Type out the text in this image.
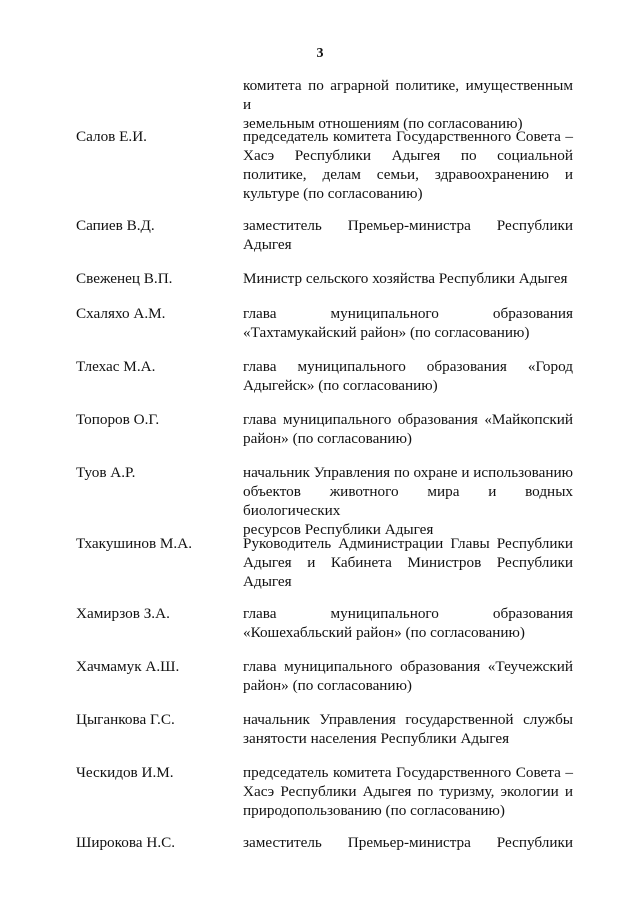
3
комитета по аграрной политике, имущественным и
земельным отношениям (по согласованию)
Салов Е.И.	председатель комитета Государственного Совета –
Хасэ Республики Адыгея по социальной
политике, делам семьи, здравоохранению и
культуре (по согласованию)
Сапиев В.Д.	заместитель Премьер-министра Республики
Адыгея
Свеженец В.П.	Министр сельского хозяйства Республики Адыгея
Схаляхо А.М.	глава муниципального образования
«Тахтамукайский район» (по согласованию)
Тлехас М.А.	глава муниципального образования «Город
Адыгейск» (по согласованию)
Топоров О.Г.	глава муниципального образования «Майкопский
район» (по согласованию)
Туов А.Р.	начальник Управления по охране и использованию
объектов животного мира и водных биологических
ресурсов Республики Адыгея
Тхакушинов М.А.	Руководитель Администрации Главы Республики
Адыгея и Кабинета Министров Республики
Адыгея
Хамирзов З.А.	глава муниципального образования
«Кошехабльский район» (по согласованию)
Хачмамук А.Ш.	глава муниципального образования «Теучежский
район» (по согласованию)
Цыганкова Г.С.	начальник Управления государственной службы
занятости населения Республики Адыгея
Ческидов И.М.	председатель комитета Государственного Совета –
Хасэ Республики Адыгея по туризму, экологии и
природопользованию (по согласованию)
Широкова Н.С.	заместитель Премьер-министра Республики
